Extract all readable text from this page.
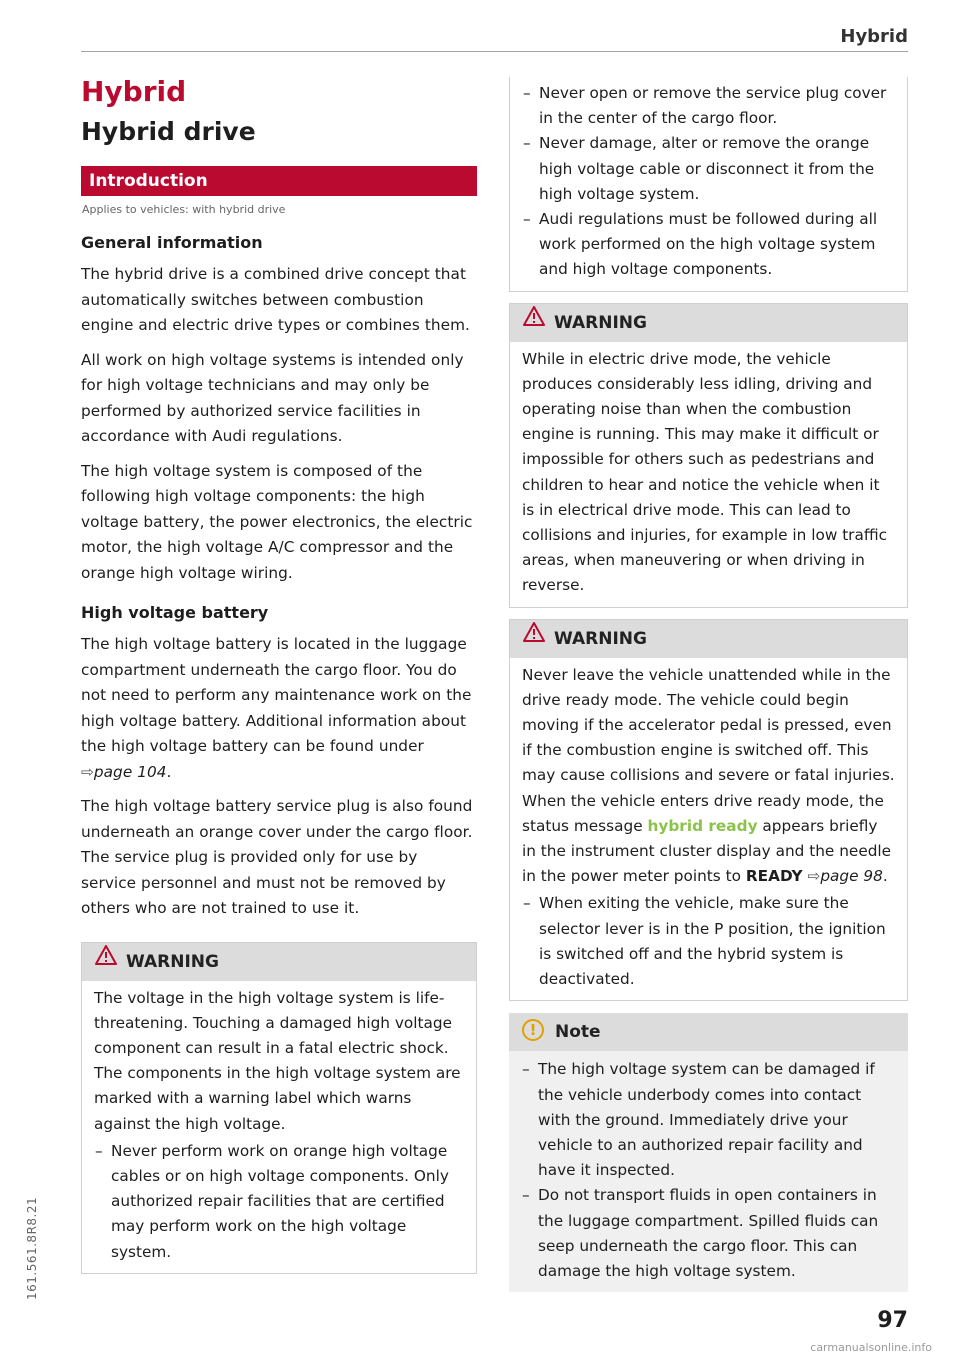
Hybrid
Hybrid
Hybrid drive
Introduction
Applies to vehicles: with hybrid drive
General information

The hybrid drive is a combined drive concept that automatically switches between combustion engine and electric drive types or combines them.

All work on high voltage systems is intended only for high voltage technicians and may only be performed by authorized service facilities in accordance with Audi regulations.

The high voltage system is composed of the following high voltage components: the high voltage battery, the power electronics, the electric motor, the high voltage A/C compressor and the orange high voltage wiring.

High voltage battery

The high voltage battery is located in the luggage compartment underneath the cargo floor. You do not need to perform any maintenance work on the high voltage battery. Additional information about the high voltage battery can be found under ⇨page 104.

The high voltage battery service plug is also found underneath an orange cover under the cargo floor. The service plug is provided only for use by service personnel and must not be removed by others who are not trained to use it.

WARNING

The voltage in the high voltage system is life-threatening. Touching a damaged high voltage component can result in a fatal electric shock. The components in the high voltage system are marked with a warning label which warns against the high voltage.

– Never perform work on orange high voltage cables or on high voltage components. Only authorized repair facilities that are certified may perform work on the high voltage system.
– Never open or remove the service plug cover in the center of the cargo floor.
– Never damage, alter or remove the orange high voltage cable or disconnect it from the high voltage system.
– Audi regulations must be followed during all work performed on the high voltage system and high voltage components.
WARNING

While in electric drive mode, the vehicle produces considerably less idling, driving and operating noise than when the combustion engine is running. This may make it difficult or impossible for others such as pedestrians and children to hear and notice the vehicle when it is in electrical drive mode. This can lead to collisions and injuries, for example in low traffic areas, when maneuvering or when driving in reverse.

WARNING

Never leave the vehicle unattended while in the drive ready mode. The vehicle could begin moving if the accelerator pedal is pressed, even if the combustion engine is switched off. This may cause collisions and severe or fatal injuries. When the vehicle enters drive ready mode, the status message hybrid ready appears briefly in the instrument cluster display and the needle in the power meter points to READY ⇨page 98.

– When exiting the vehicle, make sure the selector lever is in the P position, the ignition is switched off and the hybrid system is deactivated.
! Note
– The high voltage system can be damaged if the vehicle underbody comes into contact with the ground. Immediately drive your vehicle to an authorized repair facility and have it inspected.
– Do not transport fluids in open containers in the luggage compartment. Spilled fluids can seep underneath the cargo floor. This can damage the high voltage system.
97
161.561.8R8.21
carmanualsonline.info
